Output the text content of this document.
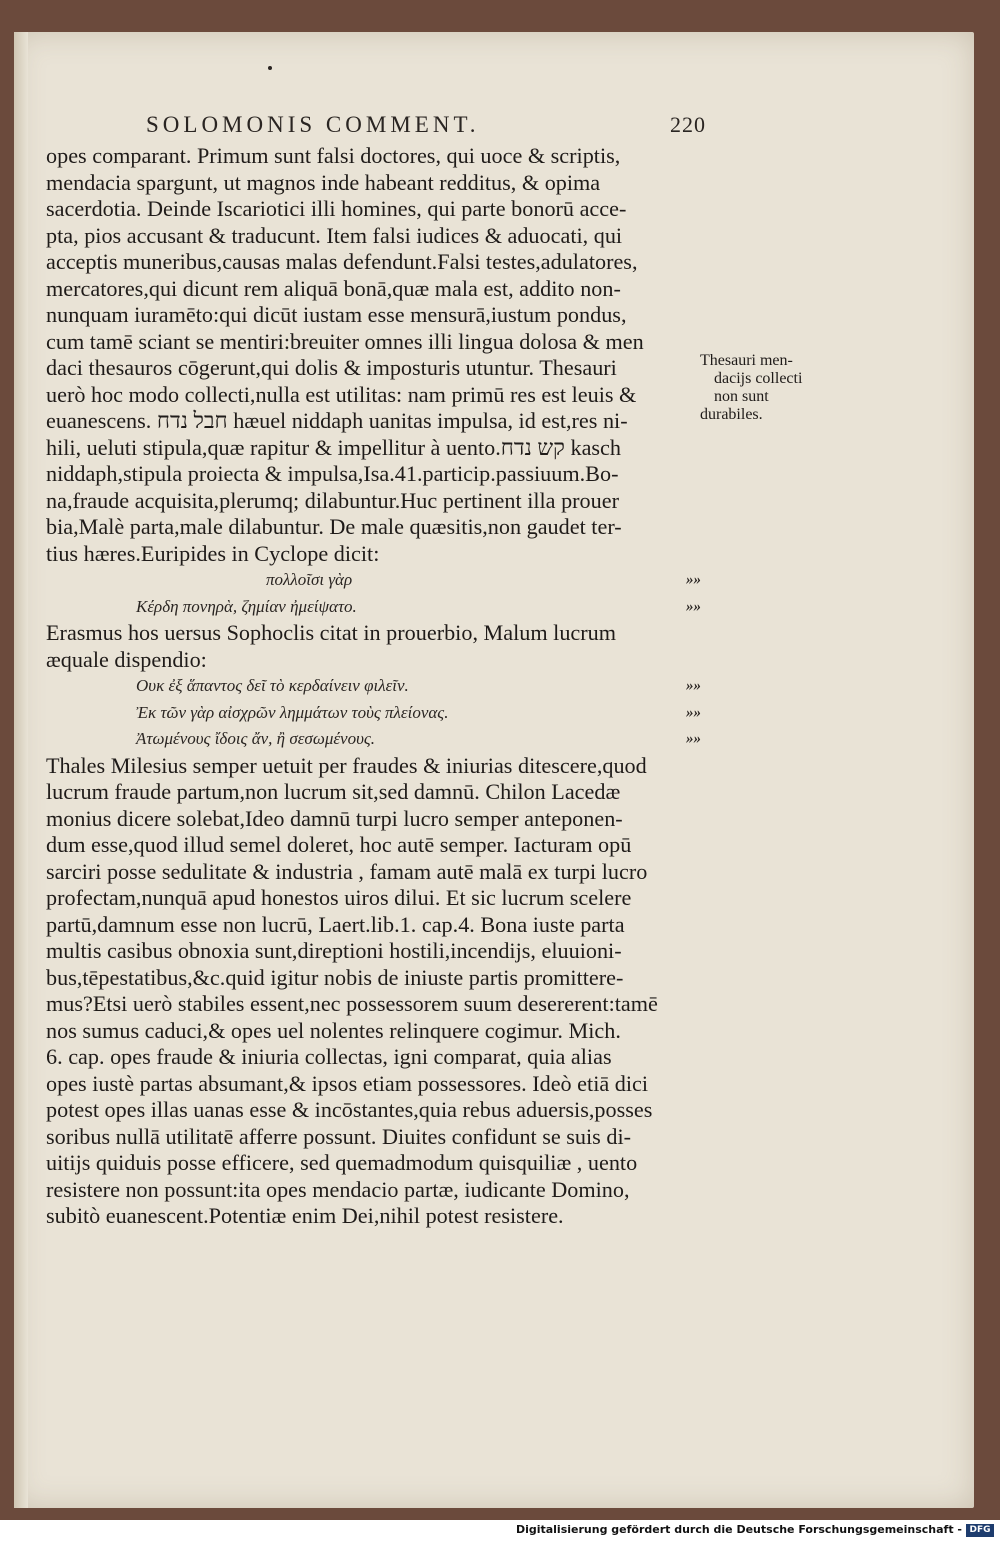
SOLOMONIS COMMENT.	220
opes comparant. Primum sunt falsi doctores, qui uoce & scriptis,
mendacia spargunt, ut magnos inde habeant redditus, & opima
sacerdotia. Deinde Iscariotici illi homines, qui parte bonorū acce-
pta, pios accusant & traducunt. Item falsi iudices & aduocati, qui
acceptis muneribus,causas malas defendunt.Falsi testes,adulatores,
mercatores,qui dicunt rem aliquā bonā,quæ mala est, addito non-
nunquam iuramēto:qui dicūt iustam esse mensurā,iustum pondus,
cum tamē sciant se mentiri:breuiter omnes illi lingua dolosa & men
daci thesauros cōgerunt,qui dolis & imposturis utuntur. Thesauri
uerò hoc modo collecti,nulla est utilitas: nam primū res est leuis &
euanescens. חבל נדח hæuel niddaph uanitas impulsa, id est,res ni-
hili, ueluti stipula,quæ rapitur & impellitur à uento.קש נדח kasch
niddaph,stipula proiecta & impulsa,Isa.41.particip.passiuum.Bo-
na,fraude acquisita,plerumq; dilabuntur.Huc pertinent illa prouer
bia,Malè parta,male dilabuntur. De male quæsitis,non gaudet ter-
tius hæres.Euripides in Cyclope dicit:
πολλοῖσι γὰρ	»»
Κέρδη πονηρὰ, ζημίαν ἠμείψατο.	»»
Erasmus hos uersus Sophoclis citat in prouerbio, Malum lucrum
æquale dispendio:
Ουκ ἐξ ἅπαντος δεῖ τὸ κερδαίνειν φιλεῖν.	»»
Ἐκ τῶν γὰρ αἰσχρῶν λημμάτων τοὺς πλείονας.	»»
Ἀτωμένους ἴδοις ἄν, ἢ σεσωμένους.	»»
Thales Milesius semper uetuit per fraudes & iniurias ditescere,quod
lucrum fraude partum,non lucrum sit,sed damnū. Chilon Lacedæ
monius dicere solebat,Ideo damnū turpi lucro semper anteponen-
dum esse,quod illud semel doleret, hoc autē semper. Iacturam opū
sarciri posse sedulitate & industria , famam autē malā ex turpi lucro
profectam,nunquā apud honestos uiros dilui. Et sic lucrum scelere
partū,damnum esse non lucrū, Laert.lib.1. cap.4. Bona iuste parta
multis casibus obnoxia sunt,direptioni hostili,incendijs, eluuioni-
bus,tēpestatibus,&c.quid igitur nobis de iniuste partis promittere-
mus?Etsi uerò stabiles essent,nec possessorem suum desererent:tamē
nos sumus caduci,& opes uel nolentes relinquere cogimur. Mich.
6. cap. opes fraude & iniuria collectas, igni comparat, quia alias
opes iustè partas absumant,& ipsos etiam possessores. Ideò etiā dici
potest opes illas uanas esse & incōstantes,quia rebus aduersis,posses
soribus nullā utilitatē afferre possunt. Diuites confidunt se suis di-
uitijs quiduis posse efficere, sed quemadmodum quisquiliæ , uento
resistere non possunt:ita opes mendacio partæ, iudicante Domino,
subitò euanescent.Potentiæ enim Dei,nihil potest resistere.
Thesauri men-
dacijs collecti
non sunt
durabiles.
Digitalisierung gefördert durch die Deutsche Forschungsgemeinschaft - DFG
